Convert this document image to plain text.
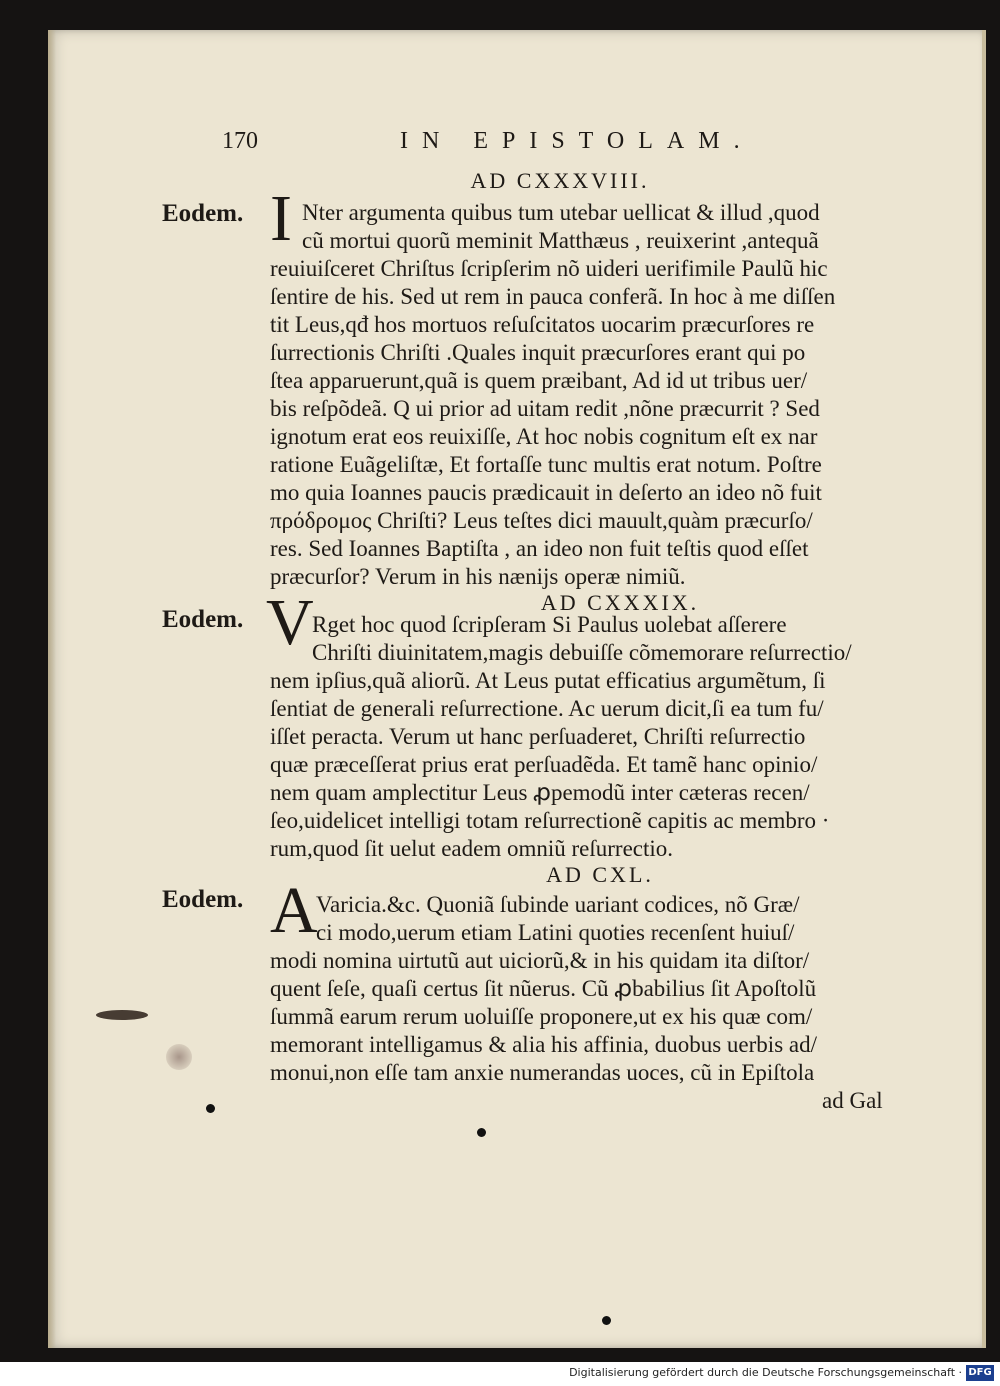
170	IN EPISTOLAM.
AD CXXXVIII.
Eodem. I Nter argumenta quibus tum utebar uellicat & illud ,quod
cũ mortui quorũ meminit Matthæus , reuixerint ,antequã
reuiuiſceret Chriſtus ſcripſerim nõ uideri uerifimile Paulũ hic
ſentire de his. Sed ut rem in pauca conferã. In hoc à me diſſen
tit Leus,qđ hos mortuos reſuſcitatos uocarim præcurſores re
ſurrectionis Chriſti .Quales inquit præcurſores erant qui po
ſtea apparuerunt,quã is quem præibant, Ad id ut tribus uer/
bis reſpõdeã. Q ui prior ad uitam redit ,nõne præcurrit ? Sed
ignotum erat eos reuixiſſe, At hoc nobis cognitum eſt ex nar
ratione Euãgeliſtæ, Et fortaſſe tunc multis erat notum. Poſtre
mo quia Ioannes paucis prædicauit in deſerto an ideo nõ fuit
πρόδρομος Chriſti? Leus teſtes dici mauult,quàm præcurſo/
res. Sed Ioannes Baptiſta , an ideo non fuit teſtis quod eſſet
præcurſor? Verum in his nænijs operæ nimiũ.
AD CXXXIX.
Eodem. V
Rget hoc quod ſcripſeram Si Paulus uolebat aſſerere
Chriſti diuinitatem,magis debuiſſe cõmemorare reſurrectio/
nem ipſius,quã aliorũ. At Leus putat efficatius argumẽtum, ſi
ſentiat de generali reſurrectione. Ac uerum dicit,ſi ea tum fu/
iſſet peracta. Verum ut hanc perſuaderet, Chriſti reſurrectio
quæ præceſſerat prius erat perſuadẽda. Et tamẽ hanc opinio/
nem quam amplectitur Leus ꝓpemodũ inter cæteras recen/
ſeo,uidelicet intelligi totam reſurrectionẽ capitis ac membro ·
rum,quod ſit uelut eadem omniũ reſurrectio.
AD CXL.
Eodem. A
Varicia.&c. Quoniã ſubinde uariant codices, nõ Græ/
ci modo,uerum etiam Latini quoties recenſent huiuſ/
modi nomina uirtutũ aut uiciorũ,& in his quidam ita diſtor/
quent ſeſe, quaſi certus ſit nũerus. Cũ ꝓbabilius ſit Apoſtolũ
ſummã earum rerum uoluiſſe proponere,ut ex his quæ com/
memorant intelligamus & alia his affinia, duobus uerbis ad/
monui,non eſſe tam anxie numerandas uoces, cũ in Epiſtola
ad Gal
Digitalisierung gefördert durch die Deutsche Forschungsgemeinschaft · DFG
